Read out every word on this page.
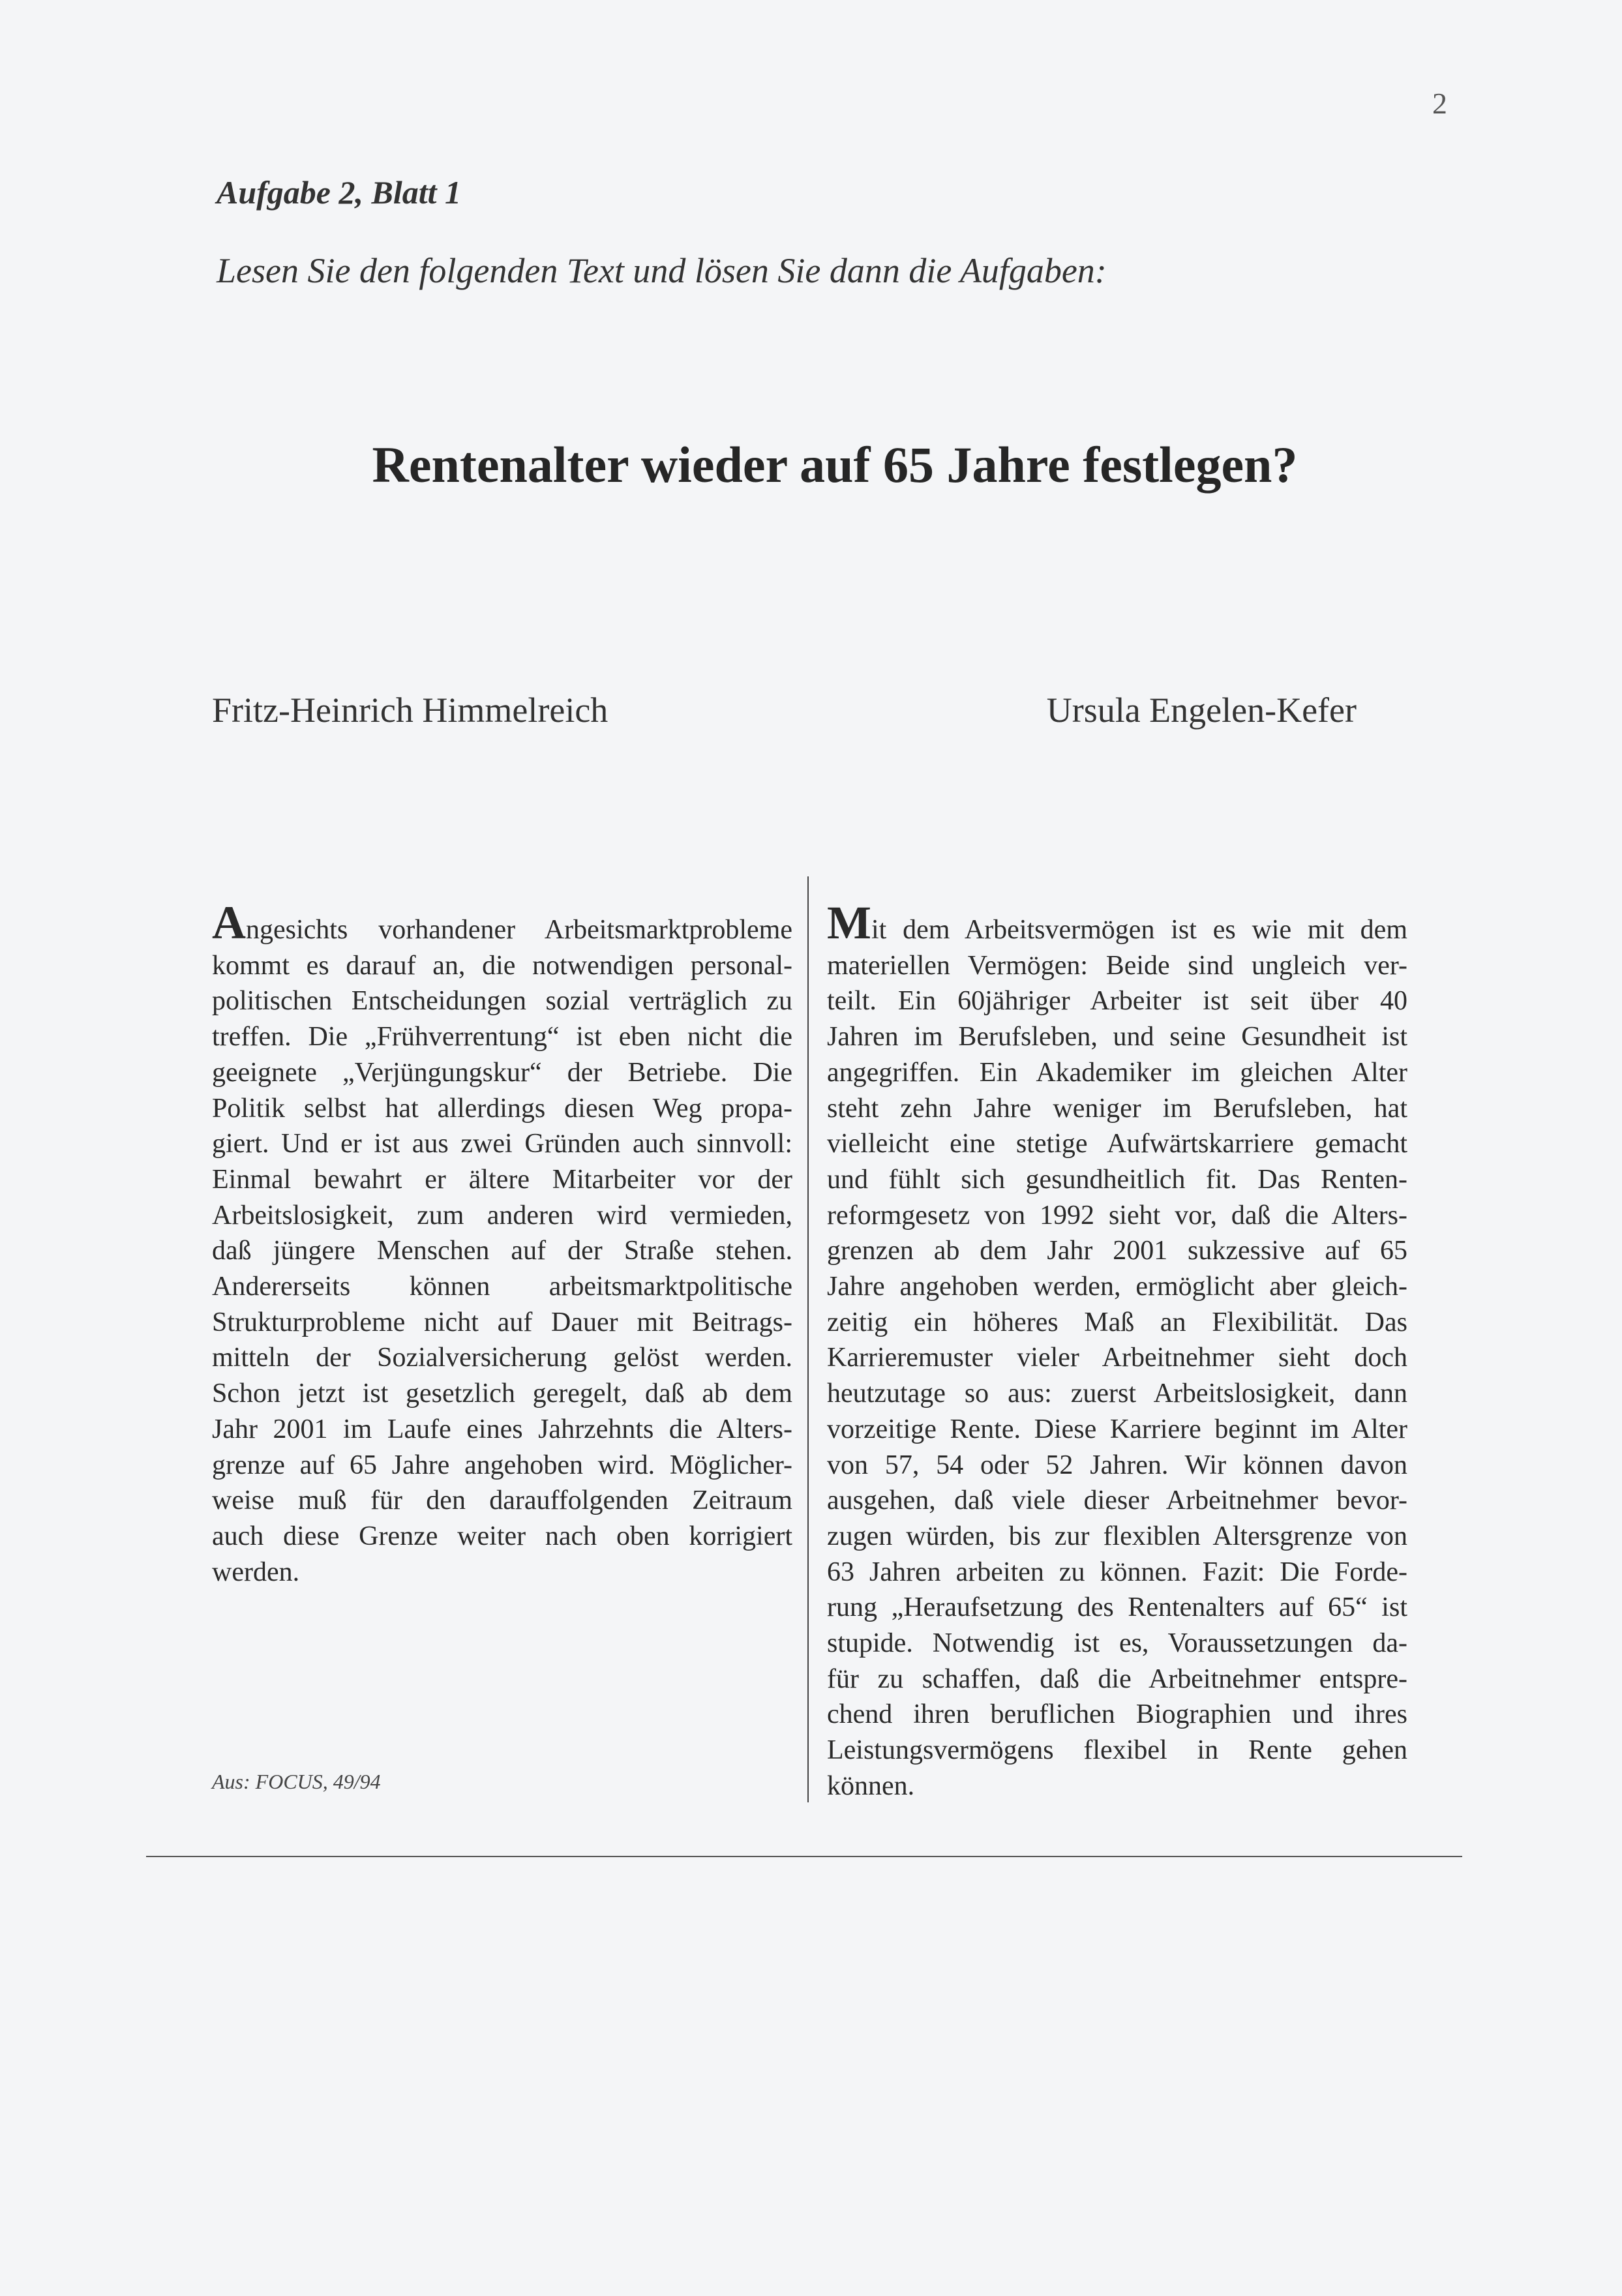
2
Aufgabe 2, Blatt 1
Lesen Sie den folgenden Text und lösen Sie dann die Aufgaben:
Rentenalter wieder auf 65 Jahre festlegen?
Fritz-Heinrich Himmelreich	Ursula Engelen-Kefer
Angesichts vorhandener Arbeitsmarktprobleme
kommt es darauf an, die notwendigen personal-
politischen Entscheidungen sozial verträglich zu
treffen. Die „Frühverrentung“ ist eben nicht die
geeignete „Verjüngungskur“ der Betriebe. Die
Politik selbst hat allerdings diesen Weg propa-
giert. Und er ist aus zwei Gründen auch sinnvoll:
Einmal bewahrt er ältere Mitarbeiter vor der
Arbeitslosigkeit, zum anderen wird vermieden,
daß jüngere Menschen auf der Straße stehen.
Andererseits können arbeitsmarktpolitische
Strukturprobleme nicht auf Dauer mit Beitrags-
mitteln der Sozialversicherung gelöst werden.
Schon jetzt ist gesetzlich geregelt, daß ab dem
Jahr 2001 im Laufe eines Jahrzehnts die Alters-
grenze auf 65 Jahre angehoben wird. Möglicher-
weise muß für den darauffolgenden Zeitraum
auch diese Grenze weiter nach oben korrigiert
werden.
Mit dem Arbeitsvermögen ist es wie mit dem
materiellen Vermögen: Beide sind ungleich ver-
teilt. Ein 60jähriger Arbeiter ist seit über 40
Jahren im Berufsleben, und seine Gesundheit ist
angegriffen. Ein Akademiker im gleichen Alter
steht zehn Jahre weniger im Berufsleben, hat
vielleicht eine stetige Aufwärtskarriere gemacht
und fühlt sich gesundheitlich fit. Das Renten-
reformgesetz von 1992 sieht vor, daß die Alters-
grenzen ab dem Jahr 2001 sukzessive auf 65
Jahre angehoben werden, ermöglicht aber gleich-
zeitig ein höheres Maß an Flexibilität. Das
Karrieremuster vieler Arbeitnehmer sieht doch
heutzutage so aus: zuerst Arbeitslosigkeit, dann
vorzeitige Rente. Diese Karriere beginnt im Alter
von 57, 54 oder 52 Jahren. Wir können davon
ausgehen, daß viele dieser Arbeitnehmer bevor-
zugen würden, bis zur flexiblen Altersgrenze von
63 Jahren arbeiten zu können. Fazit: Die Forde-
rung „Heraufsetzung des Rentenalters auf 65“ ist
stupide. Notwendig ist es, Voraussetzungen da-
für zu schaffen, daß die Arbeitnehmer entspre-
chend ihren beruflichen Biographien und ihres
Leistungsvermögens flexibel in Rente gehen
können.
Aus: FOCUS, 49/94
